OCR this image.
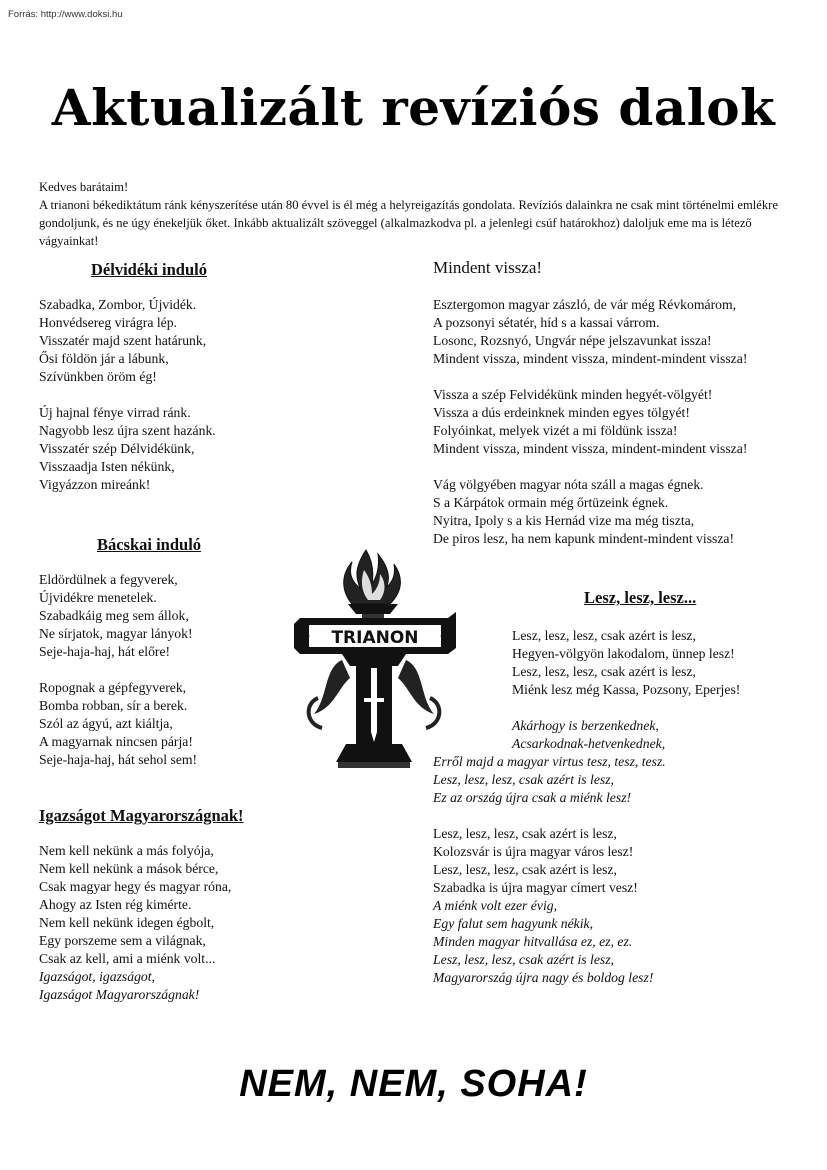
Forrás: http://www.doksi.hu
Aktualizált revíziós dalok

Kedves barátaim!

A trianoni békediktátum ránk kényszerítése után 80 évvel is él még a helyreigazítás gondolata. Revíziós dalainkra ne csak mint történelmi emlékre gondoljunk, és ne úgy énekeljük őket. Inkább aktualizált szöveggel (alkalmazkodva pl. a jelenlegi csúf határokhoz) daloljuk eme ma is létező vágyainkat!

Délvidéki induló

Szabadka, Zombor, Újvidék.

Honvédsereg virágra lép.

Visszatér majd szent határunk,

Ősi földön jár a lábunk,

Szívünkben öröm ég!

Új hajnal fénye virrad ránk.

Nagyobb lesz újra szent hazánk.

Visszatér szép Délvidékünk,

Visszaadja Isten nékünk,

Vigyázzon mireánk!

Bácskai induló

Eldördülnek a fegyverek,

Újvidékre menetelek.

Szabadkáig meg sem állok,

Ne sírjatok, magyar lányok!

Seje-haja-haj, hát előre!

Ropognak a gépfegyverek,

Bomba robban, sír a berek.

Szól az ágyú, azt kiáltja,

A magyarnak nincsen párja!

Seje-haja-haj, hát sehol sem!

Igazságot Magyarországnak!

Nem kell nekünk a más folyója,

Nem kell nekünk a mások bérce,

Csak magyar hegy és magyar róna,

Ahogy az Isten rég kimérte.

Nem kell nekünk idegen égbolt,

Egy porszeme sem a világnak,

Csak az kell, ami a miénk volt...

Igazságot, igazságot,

Igazságot Magyarországnak!

TRIANON
Mindent vissza!

Esztergomon magyar zászló, de vár még Révkomárom,

A pozsonyi sétatér, híd s a kassai várrom.

Losonc, Rozsnyó, Ungvár népe jelszavunkat issza!

Mindent vissza, mindent vissza, mindent-mindent vissza!

Vissza a szép Felvidékünk minden hegyét-völgyét!

Vissza a dús erdeinknek minden egyes tölgyét!

Folyóinkat, melyek vizét a mi földünk issza!

Mindent vissza, mindent vissza, mindent-mindent vissza!

Vág völgyében magyar nóta száll a magas égnek.

S a Kárpátok ormain még őrtüzeink égnek.

Nyitra, Ipoly s a kis Hernád vize ma még tiszta,

De piros lesz, ha nem kapunk mindent-mindent vissza!

Lesz, lesz, lesz...

Lesz, lesz, lesz, csak azért is lesz,

Hegyen-völgyön lakodalom, ünnep lesz!

Lesz, lesz, lesz, csak azért is lesz,

Miénk lesz még Kassa, Pozsony, Eperjes!

Akárhogy is berzenkednek,

Acsarkodnak-hetvenkednek,

Erről majd a magyar virtus tesz, tesz, tesz.

Lesz, lesz, lesz, csak azért is lesz,

Ez az ország újra csak a miénk lesz!

Lesz, lesz, lesz, csak azért is lesz,

Kolozsvár is újra magyar város lesz!

Lesz, lesz, lesz, csak azért is lesz,

Szabadka is újra magyar címert vesz!

A miénk volt ezer évig,

Egy falut sem hagyunk nékik,

Minden magyar hitvallása ez, ez, ez.

Lesz, lesz, lesz, csak azért is lesz,

Magyarország újra nagy és boldog lesz!

NEM, NEM, SOHA!
